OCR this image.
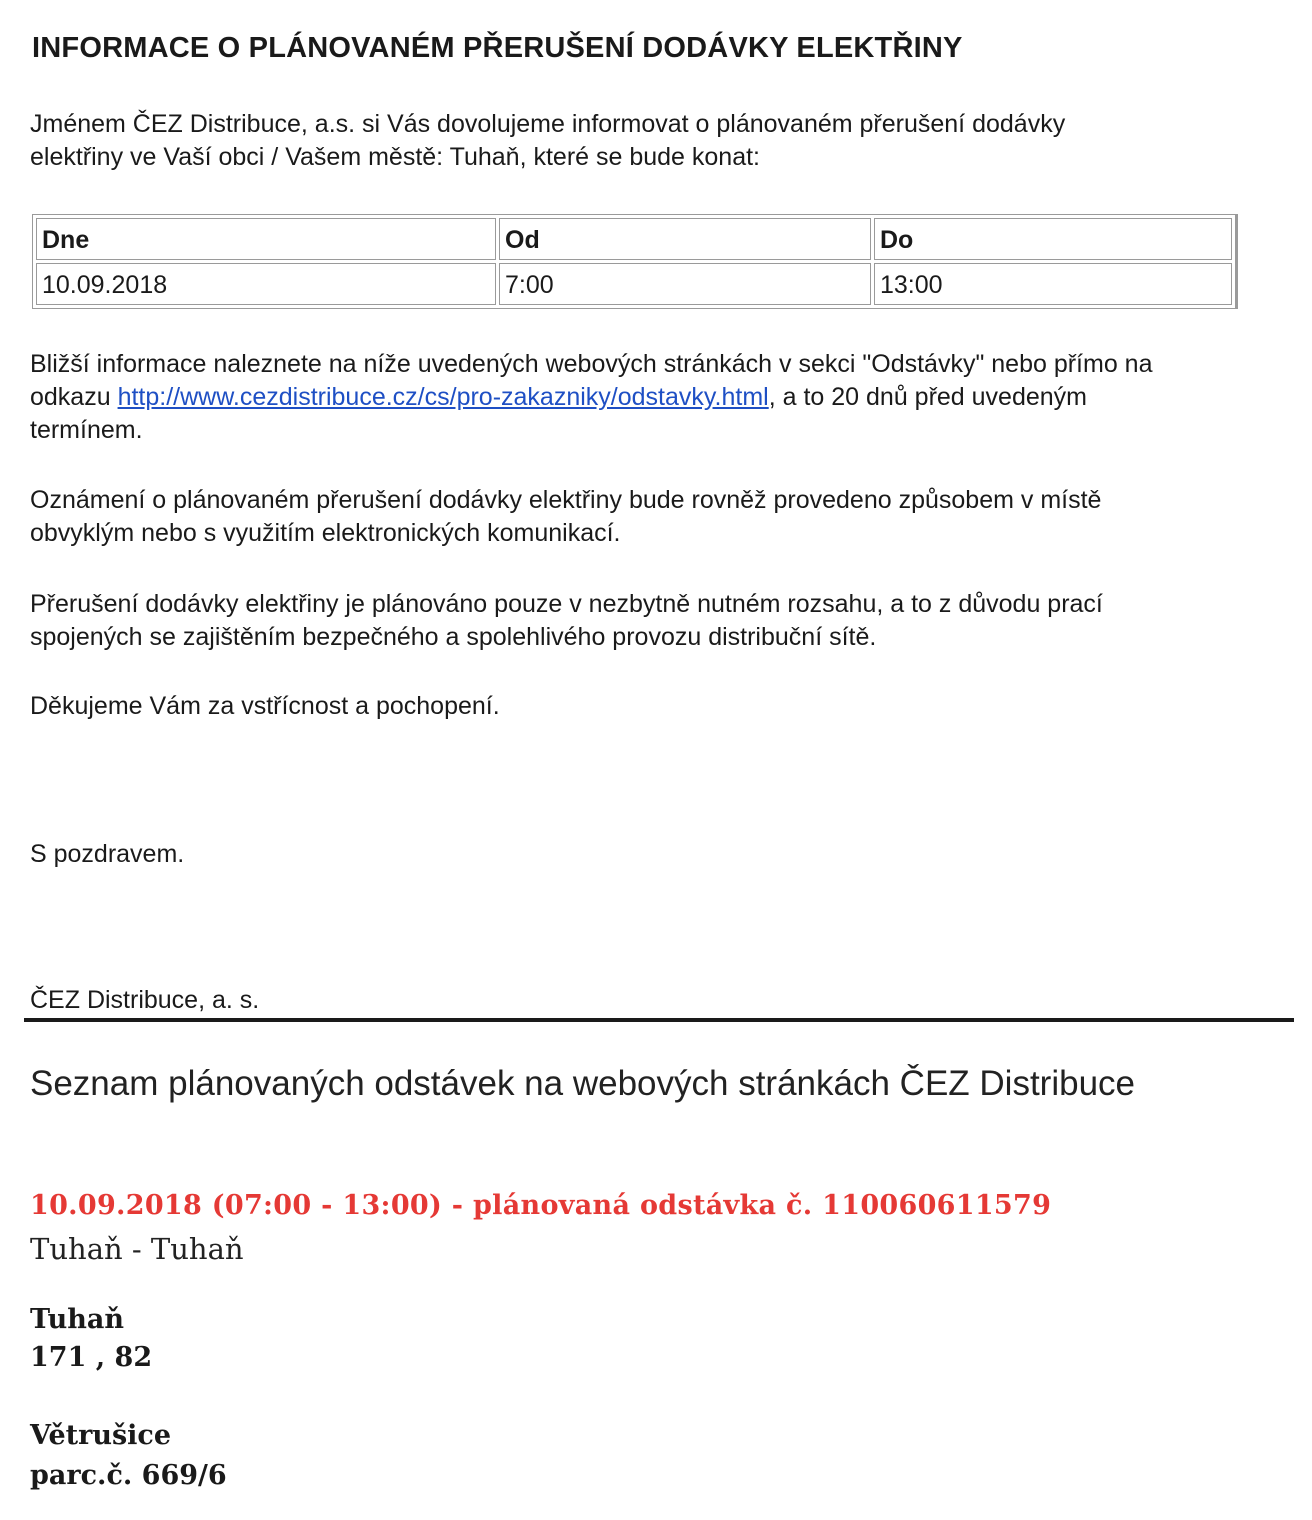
INFORMACE O PLÁNOVANÉM PŘERUŠENÍ DODÁVKY ELEKTŘINY

Jménem ČEZ Distribuce, a.s. si Vás dovolujeme informovat o plánovaném přerušení dodávky
elektřiny ve Vaší obci / Vašem městě: Tuhaň, které se bude konat:

Dne	Od	Do
10.09.2018	7:00	13:00

Bližší informace naleznete na níže uvedených webových stránkách v sekci "Odstávky" nebo přímo na
odkazu http://www.cezdistribuce.cz/cs/pro-zakazniky/odstavky.html, a to 20 dnů před uvedeným
termínem.

Oznámení o plánovaném přerušení dodávky elektřiny bude rovněž provedeno způsobem v místě
obvyklým nebo s využitím elektronických komunikací.

Přerušení dodávky elektřiny je plánováno pouze v nezbytně nutném rozsahu, a to z důvodu prací
spojených se zajištěním bezpečného a spolehlivého provozu distribuční sítě.

Děkujeme Vám za vstřícnost a pochopení.

S pozdravem.

ČEZ Distribuce, a. s.

Seznam plánovaných odstávek na webových stránkách ČEZ Distribuce

10.09.2018 (07:00 - 13:00) - plánovaná odstávka č. 110060611579

Tuhaň - Tuhaň

Tuhaň

171 , 82

Větrušice

parc.č. 669/6
